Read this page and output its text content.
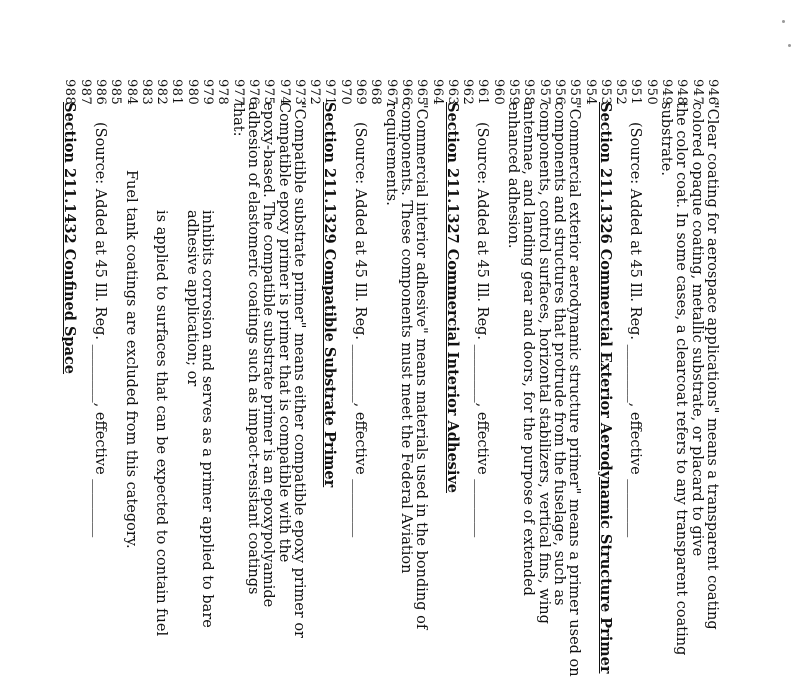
946
947
948
949
950
951
952
953
954
955
956
957
958
959
960
961
962
963
964
965
966
967
968
969
970
971
972
973
974
975
976
977
978
979
980
981
982
983
984
985
986
987
988
"Clear coating for aerospace applications" means a transparent coating
colored opaque coating, metallic substrate, or placard to give
the color coat. In some cases, a clearcoat refers to any transparent coating
substrate.
(Source: Added at 45 Ill. Reg. ________, effective ________
Section 211.1326 Commercial Exterior Aerodynamic Structure Primer
"Commercial exterior aerodynamic structure primer" means a primer used on
components and structures that protrude from the fuselage, such as
components, control surfaces, horizontal stabilizers, vertical fins, wing
antennae, and landing gear and doors, for the purpose of extended
enhanced adhesion.
(Source: Added at 45 Ill. Reg. ________, effective ________
Section 211.1327 Commercial Interior Adhesive
"Commercial interior adhesive" means materials used in the bonding of
components. These components must meet the Federal Aviation
requirements.
(Source: Added at 45 Ill. Reg. ________, effective ________
Section 211.1329 Compatible Substrate Primer
"Compatible substrate primer" means either compatible epoxy primer or
Compatible epoxy primer is primer that is compatible with the
epoxy-based. The compatible substrate primer is an epoxypolyamide
adhesion of elastomeric coatings such as impact-resistant coatings
that:
inhibits corrosion and serves as a primer applied to bare
adhesive application; or
is applied to surfaces that can be expected to contain fuel
Fuel tank coatings are excluded from this category.
(Source: Added at 45 Ill. Reg. ________, effective ________
Section 211.1432 Confined Space
